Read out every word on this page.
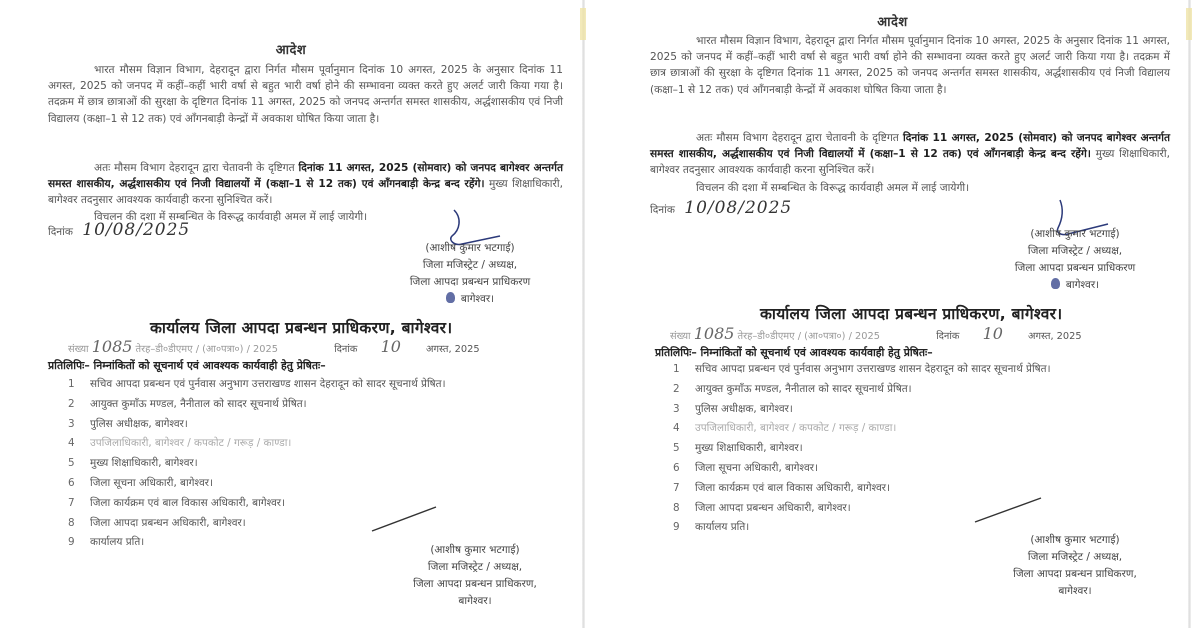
आदेश
भारत मौसम विज्ञान विभाग, देहरादून द्वारा निर्गत मौसम पूर्वानुमान दिनांक 10 अगस्त, 2025 के अनुसार दिनांक 11 अगस्त, 2025 को जनपद में कहीं–कहीं भारी वर्षा से बहुत भारी वर्षा होने की सम्भावना व्यक्त करते हुए अलर्ट जारी किया गया है। तदक्रम में छात्र छात्राओं की सुरक्षा के दृष्टिगत दिनांक 11 अगस्त, 2025 को जनपद अन्तर्गत समस्त शासकीय, अर्द्धशासकीय एवं निजी विद्यालय (कक्षा–1 से 12 तक) एवं आँगनबाड़ी केन्द्रों में अवकाश घोषित किया जाता है।
अतः मौसम विभाग देहरादून द्वारा चेतावनी के दृष्टिगत दिनांक 11 अगस्त, 2025 (सोमवार) को जनपद बागेश्वर अन्तर्गत समस्त शासकीय, अर्द्धशासकीय एवं निजी विद्यालयों में (कक्षा–1 से 12 तक) एवं आँगनबाड़ी केन्द्र बन्द रहेंगे। मुख्य शिक्षाधिकारी, बागेश्वर तदनुसार आवश्यक कार्यवाही करना सुनिश्चित करें।
विचलन की दशा में सम्बन्धित के विरूद्ध कार्यवाही अमल में लाई जायेगी।
दिनांक 10/08/2025
(आशीष कुमार भटगाई)
जिला मजिस्ट्रेट / अध्यक्ष,
जिला आपदा प्रबन्धन प्राधिकरण
बागेश्वर।
कार्यालय जिला आपदा प्रबन्धन प्राधिकरण, बागेश्वर।
संख्या 1085 तेरह–डी०डीएमए / (आ०पत्रा०) / 2025	दिनांक 10	अगस्त, 2025
प्रतिलिपिः– निम्नांकितों को सूचनार्थ एवं आवश्यक कार्यवाही हेतु प्रेषितः–
1 सचिव आपदा प्रबन्धन एवं पुर्नवास अनुभाग उत्तराखण्ड शासन देहरादून को सादर सूचनार्थ प्रेषित।
2 आयुक्त कुमाँऊ मण्डल, नैनीताल को सादर सूचनार्थ प्रेषित।
3 पुलिस अधीक्षक, बागेश्वर।
4 उपजिलाधिकारी, बागेश्वर / कपकोट / गरूड़ / काण्डा।
5 मुख्य शिक्षाधिकारी, बागेश्वर।
6 जिला सूचना अधिकारी, बागेश्वर।
7 जिला कार्यक्रम एवं बाल विकास अधिकारी, बागेश्वर।
8 जिला आपदा प्रबन्धन अधिकारी, बागेश्वर।
9 कार्यालय प्रति।
(आशीष कुमार भटगाई)
जिला मजिस्ट्रेट / अध्यक्ष,
जिला आपदा प्रबन्धन प्राधिकरण,
बागेश्वर।
आदेश
भारत मौसम विज्ञान विभाग, देहरादून द्वारा निर्गत मौसम पूर्वानुमान दिनांक 10 अगस्त, 2025 के अनुसार दिनांक 11 अगस्त, 2025 को जनपद में कहीं–कहीं भारी वर्षा से बहुत भारी वर्षा होने की सम्भावना व्यक्त करते हुए अलर्ट जारी किया गया है। तदक्रम में छात्र छात्राओं की सुरक्षा के दृष्टिगत दिनांक 11 अगस्त, 2025 को जनपद अन्तर्गत समस्त शासकीय, अर्द्धशासकीय एवं निजी विद्यालय (कक्षा–1 से 12 तक) एवं आँगनबाड़ी केन्द्रों में अवकाश घोषित किया जाता है।
अतः मौसम विभाग देहरादून द्वारा चेतावनी के दृष्टिगत दिनांक 11 अगस्त, 2025 (सोमवार) को जनपद बागेश्वर अन्तर्गत समस्त शासकीय, अर्द्धशासकीय एवं निजी विद्यालयों में (कक्षा–1 से 12 तक) एवं आँगनबाड़ी केन्द्र बन्द रहेंगे। मुख्य शिक्षाधिकारी, बागेश्वर तदनुसार आवश्यक कार्यवाही करना सुनिश्चित करें।
विचलन की दशा में सम्बन्धित के विरूद्ध कार्यवाही अमल में लाई जायेगी।
दिनांक 10/08/2025
(आशीष कुमार भटगाई)
जिला मजिस्ट्रेट / अध्यक्ष,
जिला आपदा प्रबन्धन प्राधिकरण
बागेश्वर।
कार्यालय जिला आपदा प्रबन्धन प्राधिकरण, बागेश्वर।
संख्या 1085 तेरह–डी०डीएमए / (आ०पत्रा०) / 2025	दिनांक 10	अगस्त, 2025
प्रतिलिपिः– निम्नांकितों को सूचनार्थ एवं आवश्यक कार्यवाही हेतु प्रेषितः–
1 सचिव आपदा प्रबन्धन एवं पुर्नवास अनुभाग उत्तराखण्ड शासन देहरादून को सादर सूचनार्थ प्रेषित।
2 आयुक्त कुमाँऊ मण्डल, नैनीताल को सादर सूचनार्थ प्रेषित।
3 पुलिस अधीक्षक, बागेश्वर।
4 उपजिलाधिकारी, बागेश्वर / कपकोट / गरूड़ / काण्डा।
5 मुख्य शिक्षाधिकारी, बागेश्वर।
6 जिला सूचना अधिकारी, बागेश्वर।
7 जिला कार्यक्रम एवं बाल विकास अधिकारी, बागेश्वर।
8 जिला आपदा प्रबन्धन अधिकारी, बागेश्वर।
9 कार्यालय प्रति।
(आशीष कुमार भटगाई)
जिला मजिस्ट्रेट / अध्यक्ष,
जिला आपदा प्रबन्धन प्राधिकरण,
बागेश्वर।
